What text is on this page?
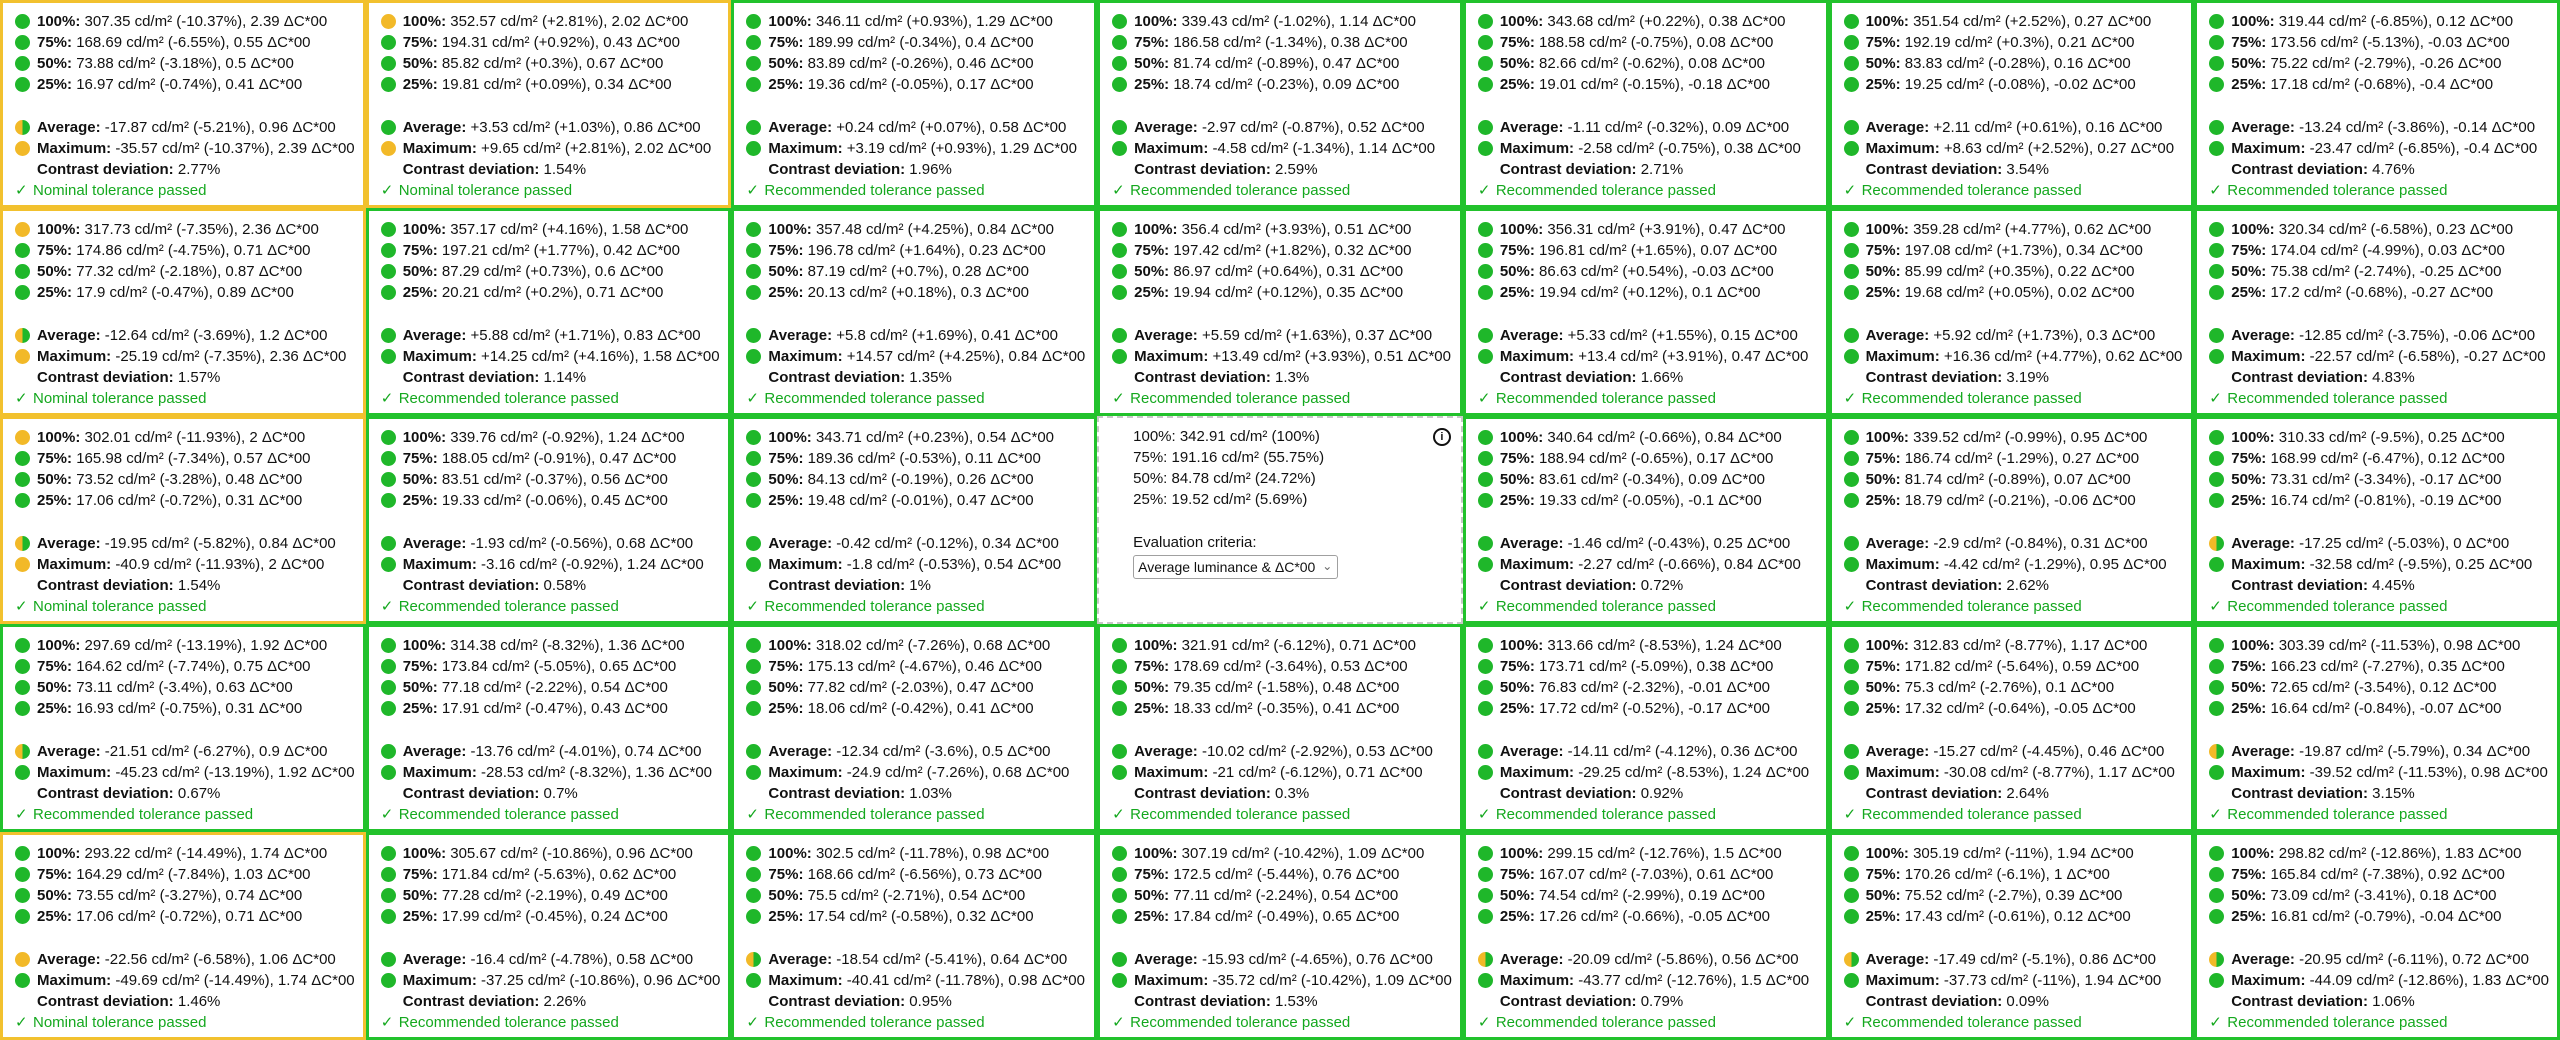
100%: 307.35 cd/m² (-10.37%), 2.39 ΔC*00
75%: 168.69 cd/m² (-6.55%), 0.55 ΔC*00
50%: 73.88 cd/m² (-3.18%), 0.5 ΔC*00
25%: 16.97 cd/m² (-0.74%), 0.41 ΔC*00
Average: -17.87 cd/m² (-5.21%), 0.96 ΔC*00
Maximum: -35.57 cd/m² (-10.37%), 2.39 ΔC*00
Contrast deviation: 2.77%
✓ Nominal tolerance passed
100%: 352.57 cd/m² (+2.81%), 2.02 ΔC*00
75%: 194.31 cd/m² (+0.92%), 0.43 ΔC*00
50%: 85.82 cd/m² (+0.3%), 0.67 ΔC*00
25%: 19.81 cd/m² (+0.09%), 0.34 ΔC*00
Average: +3.53 cd/m² (+1.03%), 0.86 ΔC*00
Maximum: +9.65 cd/m² (+2.81%), 2.02 ΔC*00
Contrast deviation: 1.54%
✓ Nominal tolerance passed
100%: 346.11 cd/m² (+0.93%), 1.29 ΔC*00
75%: 189.99 cd/m² (-0.34%), 0.4 ΔC*00
50%: 83.89 cd/m² (-0.26%), 0.46 ΔC*00
25%: 19.36 cd/m² (-0.05%), 0.17 ΔC*00
Average: +0.24 cd/m² (+0.07%), 0.58 ΔC*00
Maximum: +3.19 cd/m² (+0.93%), 1.29 ΔC*00
Contrast deviation: 1.96%
✓ Recommended tolerance passed
100%: 339.43 cd/m² (-1.02%), 1.14 ΔC*00
75%: 186.58 cd/m² (-1.34%), 0.38 ΔC*00
50%: 81.74 cd/m² (-0.89%), 0.47 ΔC*00
25%: 18.74 cd/m² (-0.23%), 0.09 ΔC*00
Average: -2.97 cd/m² (-0.87%), 0.52 ΔC*00
Maximum: -4.58 cd/m² (-1.34%), 1.14 ΔC*00
Contrast deviation: 2.59%
✓ Recommended tolerance passed
100%: 343.68 cd/m² (+0.22%), 0.38 ΔC*00
75%: 188.58 cd/m² (-0.75%), 0.08 ΔC*00
50%: 82.66 cd/m² (-0.62%), 0.08 ΔC*00
25%: 19.01 cd/m² (-0.15%), -0.18 ΔC*00
Average: -1.11 cd/m² (-0.32%), 0.09 ΔC*00
Maximum: -2.58 cd/m² (-0.75%), 0.38 ΔC*00
Contrast deviation: 2.71%
✓ Recommended tolerance passed
100%: 351.54 cd/m² (+2.52%), 0.27 ΔC*00
75%: 192.19 cd/m² (+0.3%), 0.21 ΔC*00
50%: 83.83 cd/m² (-0.28%), 0.16 ΔC*00
25%: 19.25 cd/m² (-0.08%), -0.02 ΔC*00
Average: +2.11 cd/m² (+0.61%), 0.16 ΔC*00
Maximum: +8.63 cd/m² (+2.52%), 0.27 ΔC*00
Contrast deviation: 3.54%
✓ Recommended tolerance passed
100%: 319.44 cd/m² (-6.85%), 0.12 ΔC*00
75%: 173.56 cd/m² (-5.13%), -0.03 ΔC*00
50%: 75.22 cd/m² (-2.79%), -0.26 ΔC*00
25%: 17.18 cd/m² (-0.68%), -0.4 ΔC*00
Average: -13.24 cd/m² (-3.86%), -0.14 ΔC*00
Maximum: -23.47 cd/m² (-6.85%), -0.4 ΔC*00
Contrast deviation: 4.76%
✓ Recommended tolerance passed
100%: 317.73 cd/m² (-7.35%), 2.36 ΔC*00
75%: 174.86 cd/m² (-4.75%), 0.71 ΔC*00
50%: 77.32 cd/m² (-2.18%), 0.87 ΔC*00
25%: 17.9 cd/m² (-0.47%), 0.89 ΔC*00
Average: -12.64 cd/m² (-3.69%), 1.2 ΔC*00
Maximum: -25.19 cd/m² (-7.35%), 2.36 ΔC*00
Contrast deviation: 1.57%
✓ Nominal tolerance passed
100%: 357.17 cd/m² (+4.16%), 1.58 ΔC*00
75%: 197.21 cd/m² (+1.77%), 0.42 ΔC*00
50%: 87.29 cd/m² (+0.73%), 0.6 ΔC*00
25%: 20.21 cd/m² (+0.2%), 0.71 ΔC*00
Average: +5.88 cd/m² (+1.71%), 0.83 ΔC*00
Maximum: +14.25 cd/m² (+4.16%), 1.58 ΔC*00
Contrast deviation: 1.14%
✓ Recommended tolerance passed
100%: 357.48 cd/m² (+4.25%), 0.84 ΔC*00
75%: 196.78 cd/m² (+1.64%), 0.23 ΔC*00
50%: 87.19 cd/m² (+0.7%), 0.28 ΔC*00
25%: 20.13 cd/m² (+0.18%), 0.3 ΔC*00
Average: +5.8 cd/m² (+1.69%), 0.41 ΔC*00
Maximum: +14.57 cd/m² (+4.25%), 0.84 ΔC*00
Contrast deviation: 1.35%
✓ Recommended tolerance passed
100%: 356.4 cd/m² (+3.93%), 0.51 ΔC*00
75%: 197.42 cd/m² (+1.82%), 0.32 ΔC*00
50%: 86.97 cd/m² (+0.64%), 0.31 ΔC*00
25%: 19.94 cd/m² (+0.12%), 0.35 ΔC*00
Average: +5.59 cd/m² (+1.63%), 0.37 ΔC*00
Maximum: +13.49 cd/m² (+3.93%), 0.51 ΔC*00
Contrast deviation: 1.3%
✓ Recommended tolerance passed
100%: 356.31 cd/m² (+3.91%), 0.47 ΔC*00
75%: 196.81 cd/m² (+1.65%), 0.07 ΔC*00
50%: 86.63 cd/m² (+0.54%), -0.03 ΔC*00
25%: 19.94 cd/m² (+0.12%), 0.1 ΔC*00
Average: +5.33 cd/m² (+1.55%), 0.15 ΔC*00
Maximum: +13.4 cd/m² (+3.91%), 0.47 ΔC*00
Contrast deviation: 1.66%
✓ Recommended tolerance passed
100%: 359.28 cd/m² (+4.77%), 0.62 ΔC*00
75%: 197.08 cd/m² (+1.73%), 0.34 ΔC*00
50%: 85.99 cd/m² (+0.35%), 0.22 ΔC*00
25%: 19.68 cd/m² (+0.05%), 0.02 ΔC*00
Average: +5.92 cd/m² (+1.73%), 0.3 ΔC*00
Maximum: +16.36 cd/m² (+4.77%), 0.62 ΔC*00
Contrast deviation: 3.19%
✓ Recommended tolerance passed
100%: 320.34 cd/m² (-6.58%), 0.23 ΔC*00
75%: 174.04 cd/m² (-4.99%), 0.03 ΔC*00
50%: 75.38 cd/m² (-2.74%), -0.25 ΔC*00
25%: 17.2 cd/m² (-0.68%), -0.27 ΔC*00
Average: -12.85 cd/m² (-3.75%), -0.06 ΔC*00
Maximum: -22.57 cd/m² (-6.58%), -0.27 ΔC*00
Contrast deviation: 4.83%
✓ Recommended tolerance passed
100%: 302.01 cd/m² (-11.93%), 2 ΔC*00
75%: 165.98 cd/m² (-7.34%), 0.57 ΔC*00
50%: 73.52 cd/m² (-3.28%), 0.48 ΔC*00
25%: 17.06 cd/m² (-0.72%), 0.31 ΔC*00
Average: -19.95 cd/m² (-5.82%), 0.84 ΔC*00
Maximum: -40.9 cd/m² (-11.93%), 2 ΔC*00
Contrast deviation: 1.54%
✓ Nominal tolerance passed
100%: 339.76 cd/m² (-0.92%), 1.24 ΔC*00
75%: 188.05 cd/m² (-0.91%), 0.47 ΔC*00
50%: 83.51 cd/m² (-0.37%), 0.56 ΔC*00
25%: 19.33 cd/m² (-0.06%), 0.45 ΔC*00
Average: -1.93 cd/m² (-0.56%), 0.68 ΔC*00
Maximum: -3.16 cd/m² (-0.92%), 1.24 ΔC*00
Contrast deviation: 0.58%
✓ Recommended tolerance passed
100%: 343.71 cd/m² (+0.23%), 0.54 ΔC*00
75%: 189.36 cd/m² (-0.53%), 0.11 ΔC*00
50%: 84.13 cd/m² (-0.19%), 0.26 ΔC*00
25%: 19.48 cd/m² (-0.01%), 0.47 ΔC*00
Average: -0.42 cd/m² (-0.12%), 0.34 ΔC*00
Maximum: -1.8 cd/m² (-0.53%), 0.54 ΔC*00
Contrast deviation: 1%
✓ Recommended tolerance passed
i
100%: 342.91 cd/m² (100%)
75%: 191.16 cd/m² (55.75%)
50%: 84.78 cd/m² (24.72%)
25%: 19.52 cd/m² (5.69%)
Evaluation criteria:
Average luminance & ΔC*00 ⌄
100%: 340.64 cd/m² (-0.66%), 0.84 ΔC*00
75%: 188.94 cd/m² (-0.65%), 0.17 ΔC*00
50%: 83.61 cd/m² (-0.34%), 0.09 ΔC*00
25%: 19.33 cd/m² (-0.05%), -0.1 ΔC*00
Average: -1.46 cd/m² (-0.43%), 0.25 ΔC*00
Maximum: -2.27 cd/m² (-0.66%), 0.84 ΔC*00
Contrast deviation: 0.72%
✓ Recommended tolerance passed
100%: 339.52 cd/m² (-0.99%), 0.95 ΔC*00
75%: 186.74 cd/m² (-1.29%), 0.27 ΔC*00
50%: 81.74 cd/m² (-0.89%), 0.07 ΔC*00
25%: 18.79 cd/m² (-0.21%), -0.06 ΔC*00
Average: -2.9 cd/m² (-0.84%), 0.31 ΔC*00
Maximum: -4.42 cd/m² (-1.29%), 0.95 ΔC*00
Contrast deviation: 2.62%
✓ Recommended tolerance passed
100%: 310.33 cd/m² (-9.5%), 0.25 ΔC*00
75%: 168.99 cd/m² (-6.47%), 0.12 ΔC*00
50%: 73.31 cd/m² (-3.34%), -0.17 ΔC*00
25%: 16.74 cd/m² (-0.81%), -0.19 ΔC*00
Average: -17.25 cd/m² (-5.03%), 0 ΔC*00
Maximum: -32.58 cd/m² (-9.5%), 0.25 ΔC*00
Contrast deviation: 4.45%
✓ Recommended tolerance passed
100%: 297.69 cd/m² (-13.19%), 1.92 ΔC*00
75%: 164.62 cd/m² (-7.74%), 0.75 ΔC*00
50%: 73.11 cd/m² (-3.4%), 0.63 ΔC*00
25%: 16.93 cd/m² (-0.75%), 0.31 ΔC*00
Average: -21.51 cd/m² (-6.27%), 0.9 ΔC*00
Maximum: -45.23 cd/m² (-13.19%), 1.92 ΔC*00
Contrast deviation: 0.67%
✓ Recommended tolerance passed
100%: 314.38 cd/m² (-8.32%), 1.36 ΔC*00
75%: 173.84 cd/m² (-5.05%), 0.65 ΔC*00
50%: 77.18 cd/m² (-2.22%), 0.54 ΔC*00
25%: 17.91 cd/m² (-0.47%), 0.43 ΔC*00
Average: -13.76 cd/m² (-4.01%), 0.74 ΔC*00
Maximum: -28.53 cd/m² (-8.32%), 1.36 ΔC*00
Contrast deviation: 0.7%
✓ Recommended tolerance passed
100%: 318.02 cd/m² (-7.26%), 0.68 ΔC*00
75%: 175.13 cd/m² (-4.67%), 0.46 ΔC*00
50%: 77.82 cd/m² (-2.03%), 0.47 ΔC*00
25%: 18.06 cd/m² (-0.42%), 0.41 ΔC*00
Average: -12.34 cd/m² (-3.6%), 0.5 ΔC*00
Maximum: -24.9 cd/m² (-7.26%), 0.68 ΔC*00
Contrast deviation: 1.03%
✓ Recommended tolerance passed
100%: 321.91 cd/m² (-6.12%), 0.71 ΔC*00
75%: 178.69 cd/m² (-3.64%), 0.53 ΔC*00
50%: 79.35 cd/m² (-1.58%), 0.48 ΔC*00
25%: 18.33 cd/m² (-0.35%), 0.41 ΔC*00
Average: -10.02 cd/m² (-2.92%), 0.53 ΔC*00
Maximum: -21 cd/m² (-6.12%), 0.71 ΔC*00
Contrast deviation: 0.3%
✓ Recommended tolerance passed
100%: 313.66 cd/m² (-8.53%), 1.24 ΔC*00
75%: 173.71 cd/m² (-5.09%), 0.38 ΔC*00
50%: 76.83 cd/m² (-2.32%), -0.01 ΔC*00
25%: 17.72 cd/m² (-0.52%), -0.17 ΔC*00
Average: -14.11 cd/m² (-4.12%), 0.36 ΔC*00
Maximum: -29.25 cd/m² (-8.53%), 1.24 ΔC*00
Contrast deviation: 0.92%
✓ Recommended tolerance passed
100%: 312.83 cd/m² (-8.77%), 1.17 ΔC*00
75%: 171.82 cd/m² (-5.64%), 0.59 ΔC*00
50%: 75.3 cd/m² (-2.76%), 0.1 ΔC*00
25%: 17.32 cd/m² (-0.64%), -0.05 ΔC*00
Average: -15.27 cd/m² (-4.45%), 0.46 ΔC*00
Maximum: -30.08 cd/m² (-8.77%), 1.17 ΔC*00
Contrast deviation: 2.64%
✓ Recommended tolerance passed
100%: 303.39 cd/m² (-11.53%), 0.98 ΔC*00
75%: 166.23 cd/m² (-7.27%), 0.35 ΔC*00
50%: 72.65 cd/m² (-3.54%), 0.12 ΔC*00
25%: 16.64 cd/m² (-0.84%), -0.07 ΔC*00
Average: -19.87 cd/m² (-5.79%), 0.34 ΔC*00
Maximum: -39.52 cd/m² (-11.53%), 0.98 ΔC*00
Contrast deviation: 3.15%
✓ Recommended tolerance passed
100%: 293.22 cd/m² (-14.49%), 1.74 ΔC*00
75%: 164.29 cd/m² (-7.84%), 1.03 ΔC*00
50%: 73.55 cd/m² (-3.27%), 0.74 ΔC*00
25%: 17.06 cd/m² (-0.72%), 0.71 ΔC*00
Average: -22.56 cd/m² (-6.58%), 1.06 ΔC*00
Maximum: -49.69 cd/m² (-14.49%), 1.74 ΔC*00
Contrast deviation: 1.46%
✓ Nominal tolerance passed
100%: 305.67 cd/m² (-10.86%), 0.96 ΔC*00
75%: 171.84 cd/m² (-5.63%), 0.62 ΔC*00
50%: 77.28 cd/m² (-2.19%), 0.49 ΔC*00
25%: 17.99 cd/m² (-0.45%), 0.24 ΔC*00
Average: -16.4 cd/m² (-4.78%), 0.58 ΔC*00
Maximum: -37.25 cd/m² (-10.86%), 0.96 ΔC*00
Contrast deviation: 2.26%
✓ Recommended tolerance passed
100%: 302.5 cd/m² (-11.78%), 0.98 ΔC*00
75%: 168.66 cd/m² (-6.56%), 0.73 ΔC*00
50%: 75.5 cd/m² (-2.71%), 0.54 ΔC*00
25%: 17.54 cd/m² (-0.58%), 0.32 ΔC*00
Average: -18.54 cd/m² (-5.41%), 0.64 ΔC*00
Maximum: -40.41 cd/m² (-11.78%), 0.98 ΔC*00
Contrast deviation: 0.95%
✓ Recommended tolerance passed
100%: 307.19 cd/m² (-10.42%), 1.09 ΔC*00
75%: 172.5 cd/m² (-5.44%), 0.76 ΔC*00
50%: 77.11 cd/m² (-2.24%), 0.54 ΔC*00
25%: 17.84 cd/m² (-0.49%), 0.65 ΔC*00
Average: -15.93 cd/m² (-4.65%), 0.76 ΔC*00
Maximum: -35.72 cd/m² (-10.42%), 1.09 ΔC*00
Contrast deviation: 1.53%
✓ Recommended tolerance passed
100%: 299.15 cd/m² (-12.76%), 1.5 ΔC*00
75%: 167.07 cd/m² (-7.03%), 0.61 ΔC*00
50%: 74.54 cd/m² (-2.99%), 0.19 ΔC*00
25%: 17.26 cd/m² (-0.66%), -0.05 ΔC*00
Average: -20.09 cd/m² (-5.86%), 0.56 ΔC*00
Maximum: -43.77 cd/m² (-12.76%), 1.5 ΔC*00
Contrast deviation: 0.79%
✓ Recommended tolerance passed
100%: 305.19 cd/m² (-11%), 1.94 ΔC*00
75%: 170.26 cd/m² (-6.1%), 1 ΔC*00
50%: 75.52 cd/m² (-2.7%), 0.39 ΔC*00
25%: 17.43 cd/m² (-0.61%), 0.12 ΔC*00
Average: -17.49 cd/m² (-5.1%), 0.86 ΔC*00
Maximum: -37.73 cd/m² (-11%), 1.94 ΔC*00
Contrast deviation: 0.09%
✓ Recommended tolerance passed
100%: 298.82 cd/m² (-12.86%), 1.83 ΔC*00
75%: 165.84 cd/m² (-7.38%), 0.92 ΔC*00
50%: 73.09 cd/m² (-3.41%), 0.18 ΔC*00
25%: 16.81 cd/m² (-0.79%), -0.04 ΔC*00
Average: -20.95 cd/m² (-6.11%), 0.72 ΔC*00
Maximum: -44.09 cd/m² (-12.86%), 1.83 ΔC*00
Contrast deviation: 1.06%
✓ Recommended tolerance passed
